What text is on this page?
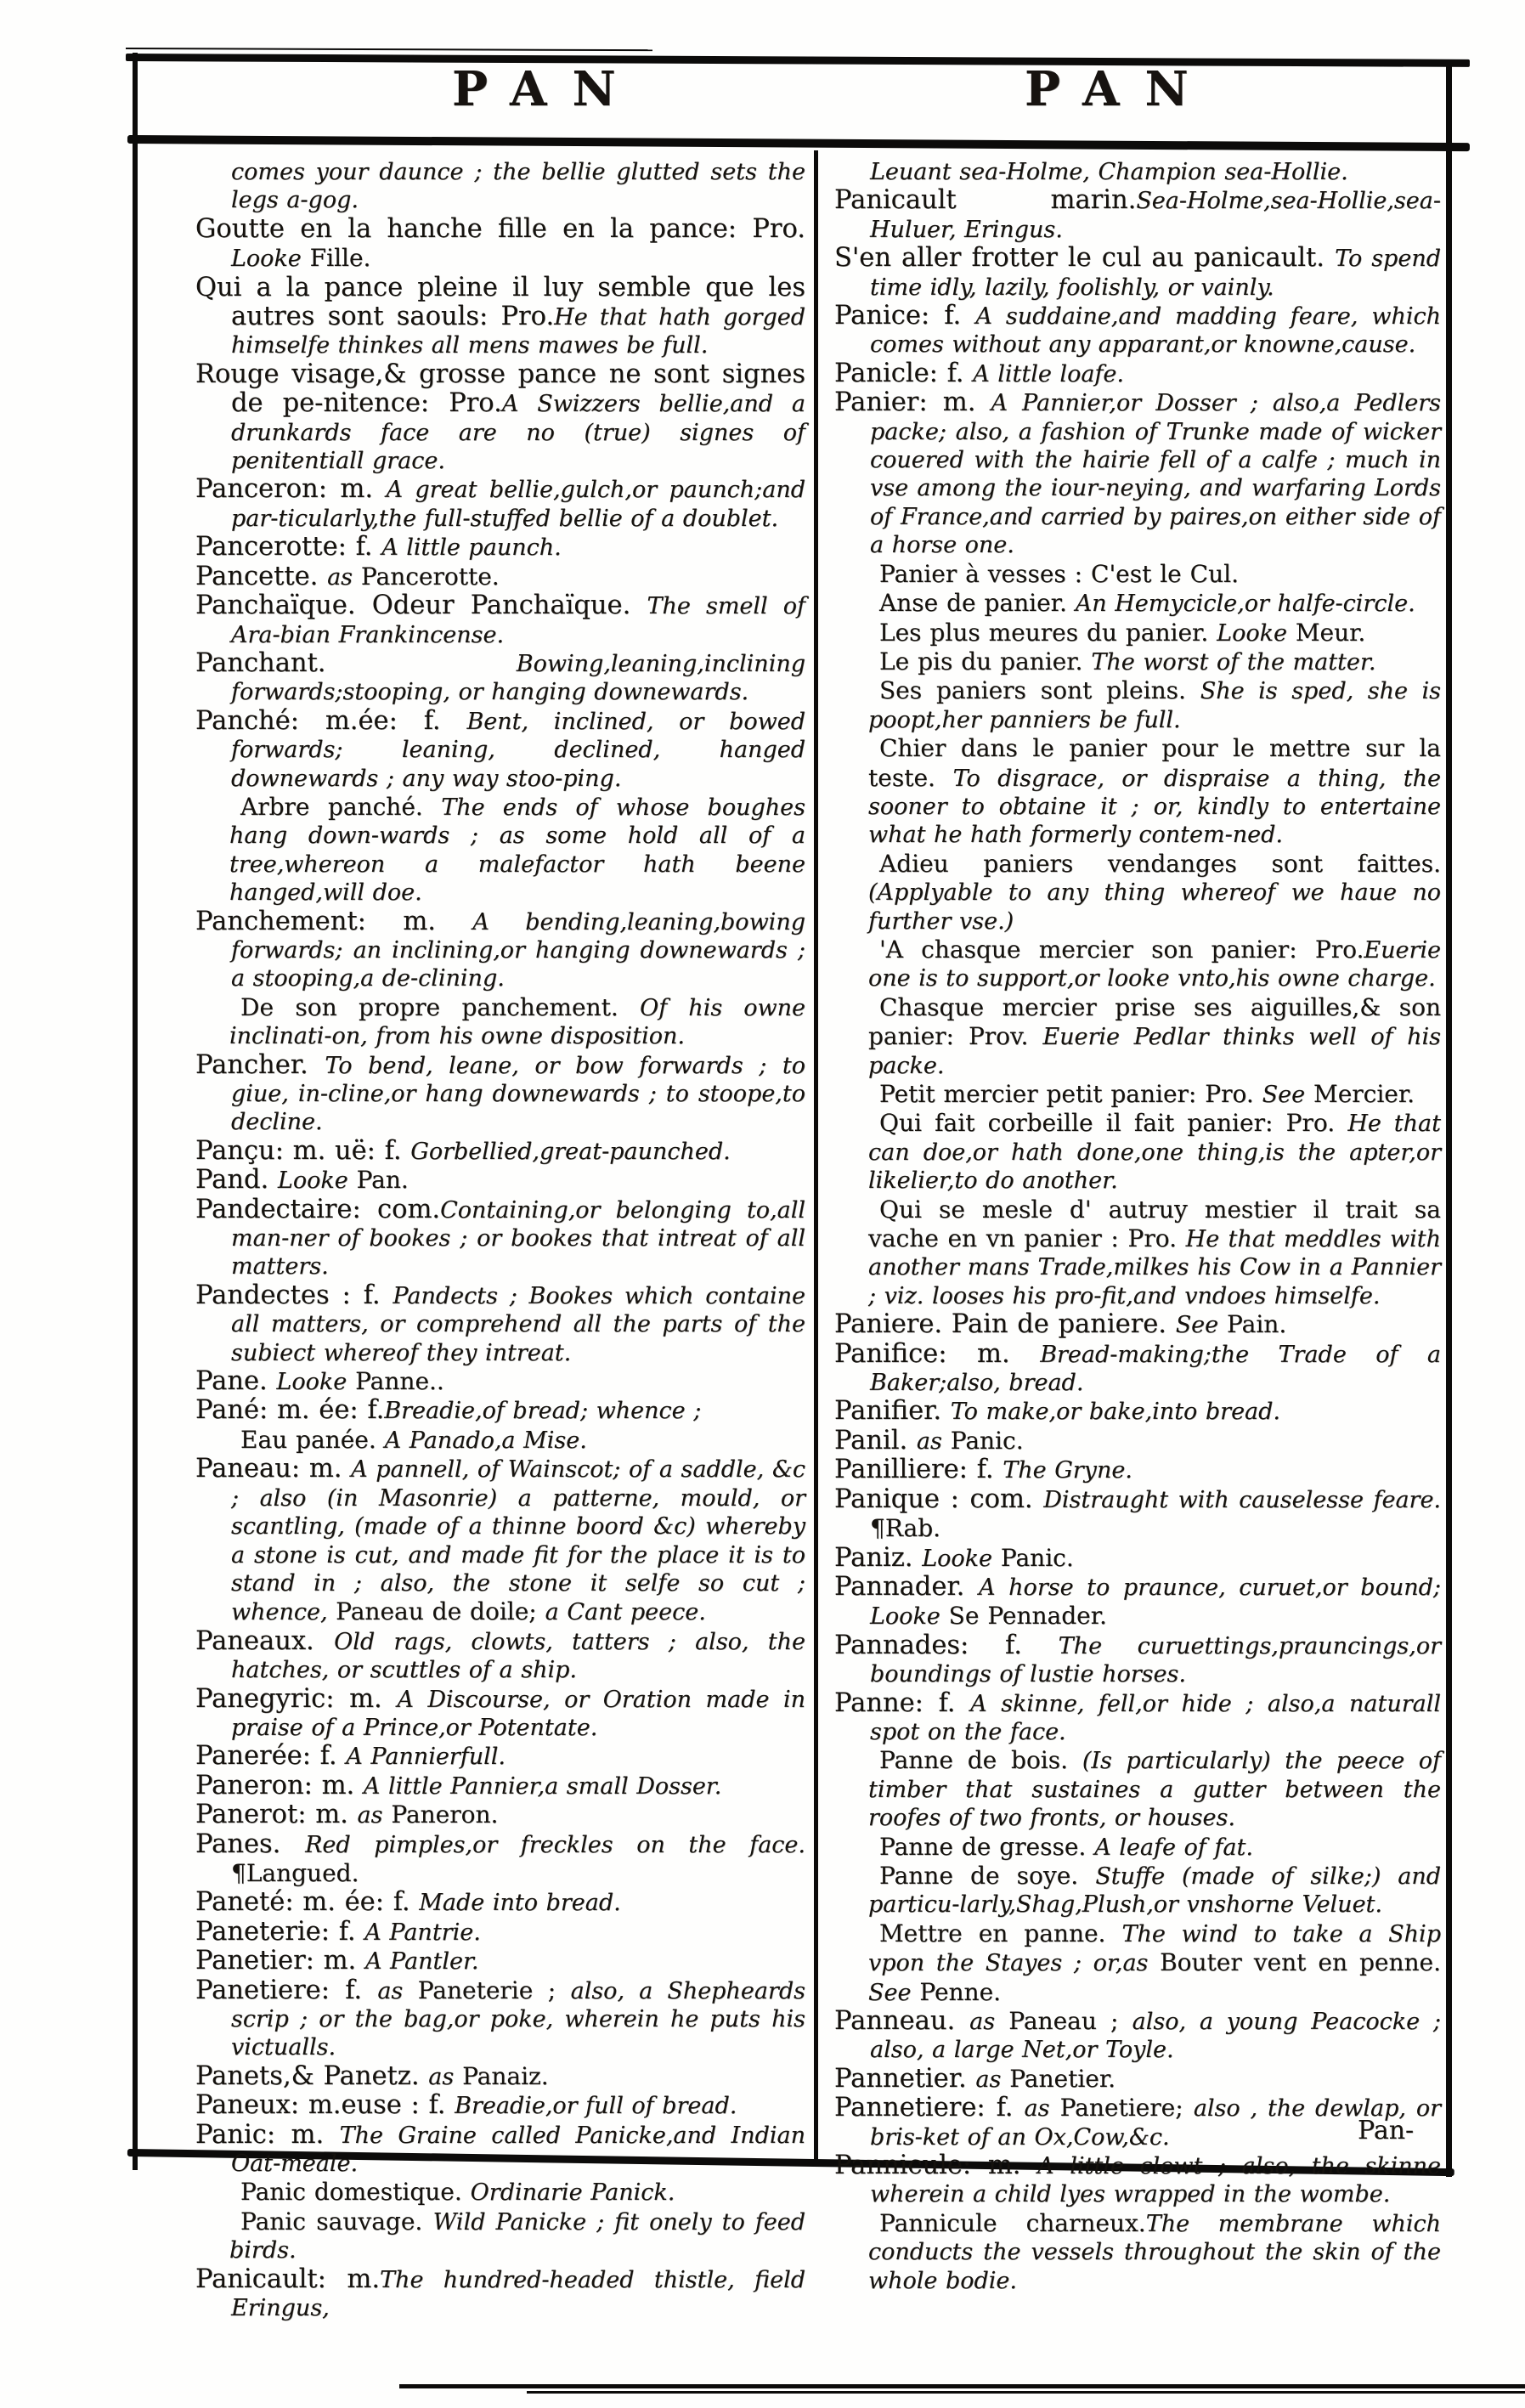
PAN	PAN

comes your daunce ; the bellie glutted sets the legs a-gog.

Goutte en la hanche fille en la pance: Pro. Looke Fille.

Qui a la pance pleine il luy semble que les autres sont saouls: Pro.He that hath gorged himselfe thinkes all mens mawes be full.

Rouge visage,& grosse pance ne sont signes de pe-nitence: Pro.A Swizzers bellie,and a drunkards face are no (true) signes of penitentiall grace.

Panceron: m. A great bellie,gulch,or paunch;and par-ticularly,the full-stuffed bellie of a doublet.

Pancerotte: f. A little paunch.

Pancette. as Pancerotte.

Panchaïque. Odeur Panchaïque. The smell of Ara-bian Frankincense.

Panchant. Bowing,leaning,inclining forwards;stooping, or hanging downewards.

Panché: m.ée: f. Bent, inclined, or bowed forwards; leaning, declined, hanged downewards ; any way stoo-ping.

Arbre panché. The ends of whose boughes hang down-wards ; as some hold all of a tree,whereon a malefactor hath beene hanged,will doe.

Panchement: m. A bending,leaning,bowing forwards; an inclining,or hanging downewards ; a stooping,a de-clining.

De son propre panchement. Of his owne inclinati-on, from his owne disposition.

Pancher. To bend, leane, or bow forwards ; to giue, in-cline,or hang downewards ; to stoope,to decline.

Pançu: m. uë: f. Gorbellied,great-paunched.

Pand. Looke Pan.

Pandectaire: com.Containing,or belonging to,all man-ner of bookes ; or bookes that intreat of all matters.

Pandectes : f. Pandects ; Bookes which containe all matters, or comprehend all the parts of the subiect whereof they intreat.

Pane. Looke Panne..

Pané: m. ée: f.Breadie,of bread; whence ;

Eau panée. A Panado,a Mise.

Paneau: m. A pannell, of Wainscot; of a saddle, &c ; also (in Masonrie) a patterne, mould, or scantling, (made of a thinne boord &c) whereby a stone is cut, and made fit for the place it is to stand in ; also, the stone it selfe so cut ; whence, Paneau de doile; a Cant peece.

Paneaux. Old rags, clowts, tatters ; also, the hatches, or scuttles of a ship.

Panegyric: m. A Discourse, or Oration made in praise of a Prince,or Potentate.

Panerée: f. A Pannierfull.

Paneron: m. A little Pannier,a small Dosser.

Panerot: m. as Paneron.

Panes. Red pimples,or freckles on the face. ¶Langued.

Paneté: m. ée: f. Made into bread.

Paneterie: f. A Pantrie.

Panetier: m. A Pantler.

Panetiere: f. as Paneterie ; also, a Shepheards scrip ; or the bag,or poke, wherein he puts his victualls.

Panets,& Panetz. as Panaiz.

Paneux: m.euse : f. Breadie,or full of bread.

Panic: m. The Graine called Panicke,and Indian Oat-meale.

Panic domestique. Ordinarie Panick.

Panic sauvage. Wild Panicke ; fit onely to feed birds.

Panicault: m.The hundred-headed thistle, field Eringus,

Leuant sea-Holme, Champion sea-Hollie.

Panicault marin.Sea-Holme,sea-Hollie,sea-Huluer, Eringus.

S'en aller frotter le cul au panicault. To spend time idly, lazily, foolishly, or vainly.

Panice: f. A suddaine,and madding feare, which comes without any apparant,or knowne,cause.

Panicle: f. A little loafe.

Panier: m. A Pannier,or Dosser ; also,a Pedlers packe; also, a fashion of Trunke made of wicker couered with the hairie fell of a calfe ; much in vse among the iour-neying, and warfaring Lords of France,and carried by paires,on either side of a horse one.

Panier à vesses : C'est le Cul.

Anse de panier. An Hemycicle,or halfe-circle.

Les plus meures du panier. Looke Meur.

Le pis du panier. The worst of the matter.

Ses paniers sont pleins. She is sped, she is poopt,her panniers be full.

Chier dans le panier pour le mettre sur la teste. To disgrace, or dispraise a thing, the sooner to obtaine it ; or, kindly to entertaine what he hath formerly contem-ned.

Adieu paniers vendanges sont faittes. (Applyable to any thing whereof we haue no further vse.)

'A chasque mercier son panier: Pro.Euerie one is to support,or looke vnto,his owne charge.

Chasque mercier prise ses aiguilles,& son panier: Prov. Euerie Pedlar thinks well of his packe.

Petit mercier petit panier: Pro. See Mercier.

Qui fait corbeille il fait panier: Pro. He that can doe,or hath done,one thing,is the apter,or likelier,to do another.

Qui se mesle d' autruy mestier il trait sa vache en vn panier : Pro. He that meddles with another mans Trade,milkes his Cow in a Pannier ; viz. looses his pro-fit,and vndoes himselfe.

Paniere. Pain de paniere. See Pain.

Panifice: m. Bread-making;the Trade of a Baker;also, bread.

Panifier. To make,or bake,into bread.

Panil. as Panic.

Panilliere: f. The Gryne.

Panique : com. Distraught with causelesse feare. ¶Rab.

Paniz. Looke Panic.

Pannader. A horse to praunce, curuet,or bound; Looke Se Pennader.

Pannades: f. The curuettings,prauncings,or boundings of lustie horses.

Panne: f. A skinne, fell,or hide ; also,a naturall spot on the face.

Panne de bois. (Is particularly) the peece of timber that sustaines a gutter between the roofes of two fronts, or houses.

Panne de gresse. A leafe of fat.

Panne de soye. Stuffe (made of silke;) and particu-larly,Shag,Plush,or vnshorne Veluet.

Mettre en panne. The wind to take a Ship vpon the Stayes ; or,as Bouter vent en penne. See Penne.

Panneau. as Paneau ; also, a young Peacocke ; also, a large Net,or Toyle.

Pannetier. as Panetier.

Pannetiere: f. as Panetiere; also , the dewlap, or bris-ket of an Ox,Cow,&c.

Pannicule: m. A little clowt ; also, the skinne wherein a child lyes wrapped in the wombe.

Pannicule charneux.The membrane which conducts the vessels throughout the skin of the whole bodie.

Pan-
